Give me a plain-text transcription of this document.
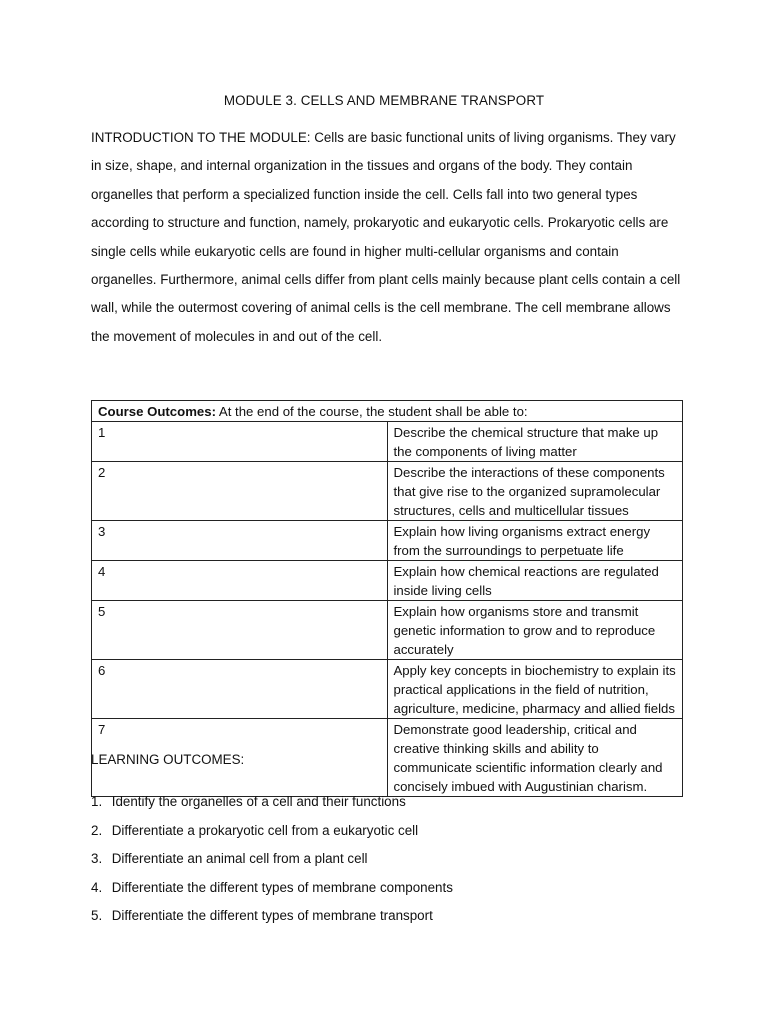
MODULE 3. CELLS AND MEMBRANE TRANSPORT

INTRODUCTION TO THE MODULE: Cells are basic functional units of living organisms. They vary in size, shape, and internal organization in the tissues and organs of the body. They contain organelles that perform a specialized function inside the cell. Cells fall into two general types according to structure and function, namely, prokaryotic and eukaryotic cells. Prokaryotic cells are single cells while eukaryotic cells are found in higher multi-cellular organisms and contain organelles. Furthermore, animal cells differ from plant cells mainly because plant cells contain a cell wall, while the outermost covering of animal cells is the cell membrane. The cell membrane allows the movement of molecules in and out of the cell.

Course Outcomes: At the end of the course, the student shall be able to:	
1	Describe the chemical structure that make up the components of living matter
2	Describe the interactions of these components that give rise to the organized supramolecular structures, cells and multicellular tissues
3	Explain how living organisms extract energy from the surroundings to perpetuate life
4	Explain how chemical reactions are regulated inside living cells
5	Explain how organisms store and transmit genetic information to grow and to reproduce accurately
6	Apply key concepts in biochemistry to explain its practical applications in the field of nutrition, agriculture, medicine, pharmacy and allied fields
7	Demonstrate good leadership, critical and creative thinking skills and ability to communicate scientific information clearly and concisely imbued with Augustinian charism.

LEARNING OUTCOMES:

1. Identify the organelles of a cell and their functions
2. Differentiate a prokaryotic cell from a eukaryotic cell
3. Differentiate an animal cell from a plant cell
4. Differentiate the different types of membrane components
5. Differentiate the different types of membrane transport
